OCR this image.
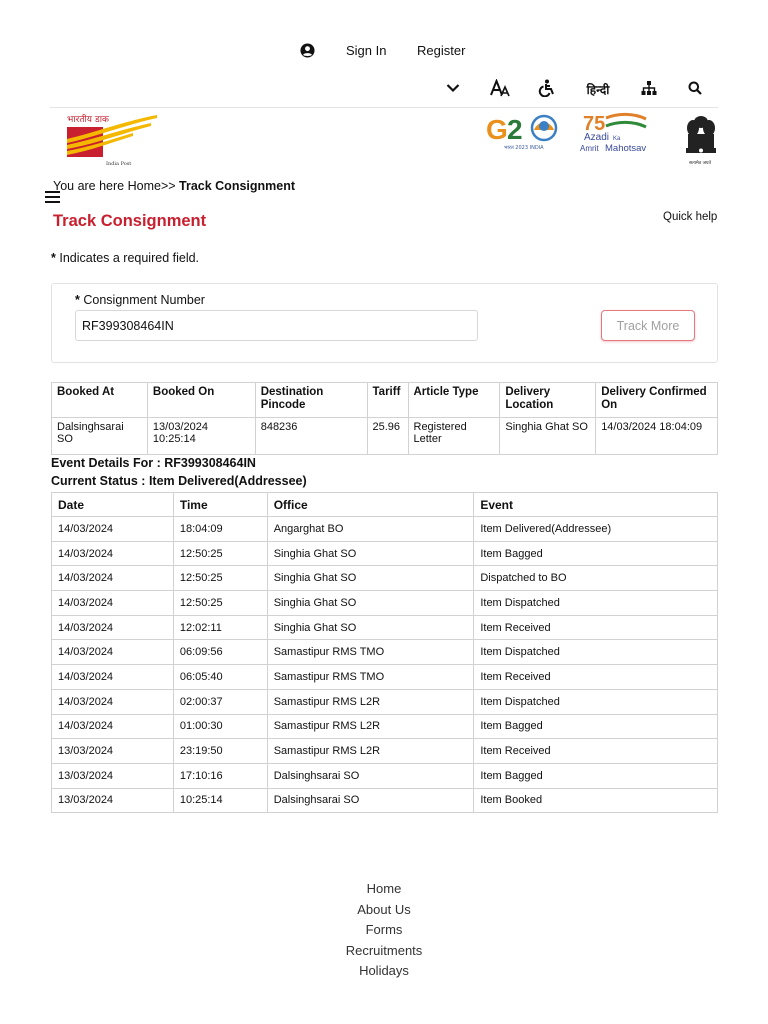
Sign In Register
हिन्दी
भारतीय डाक
India Post
G 2
भारत 2023 INDIA
75
Azadi Ka
Amrit Mahotsav
सत्यमेव जयते
You are here Home>> Track Consignment
Track Consignment	Quick help
* Indicates a required field.
* Consignment Number
RF399308464IN
Track More
Booked At	Booked On	Destination Pincode	Tariff	Article Type	Delivery Location	Delivery Confirmed On
Dalsinghsarai SO	13/03/2024 10:25:14	848236	25.96	Registered Letter	Singhia Ghat SO	14/03/2024 18:04:09
Event Details For : RF399308464IN
Current Status : Item Delivered(Addressee)
Date	Time	Office	Event
14/03/2024	18:04:09	Angarghat BO	Item Delivered(Addressee)
14/03/2024	12:50:25	Singhia Ghat SO	Item Bagged
14/03/2024	12:50:25	Singhia Ghat SO	Dispatched to BO
14/03/2024	12:50:25	Singhia Ghat SO	Item Dispatched
14/03/2024	12:02:11	Singhia Ghat SO	Item Received
14/03/2024	06:09:56	Samastipur RMS TMO	Item Dispatched
14/03/2024	06:05:40	Samastipur RMS TMO	Item Received
14/03/2024	02:00:37	Samastipur RMS L2R	Item Dispatched
14/03/2024	01:00:30	Samastipur RMS L2R	Item Bagged
13/03/2024	23:19:50	Samastipur RMS L2R	Item Received
13/03/2024	17:10:16	Dalsinghsarai SO	Item Bagged
13/03/2024	10:25:14	Dalsinghsarai SO	Item Booked
Home
About Us
Forms
Recruitments
Holidays
